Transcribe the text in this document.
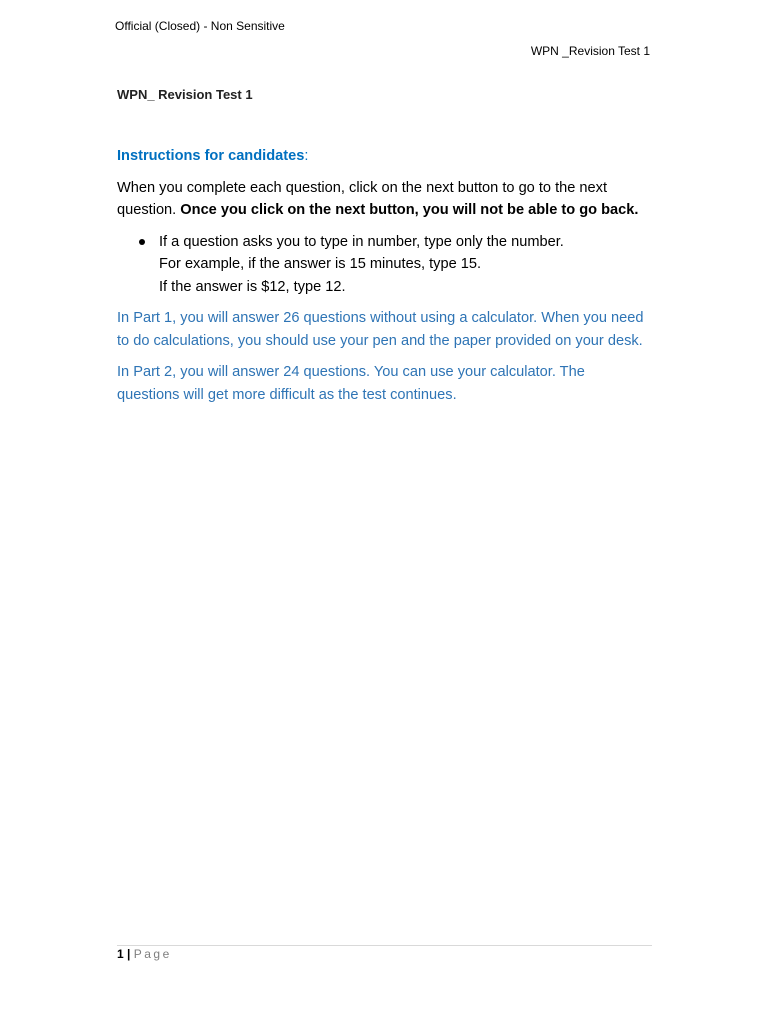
Official (Closed) - Non Sensitive
WPN _Revision Test 1
WPN_ Revision Test 1

Instructions for candidates:

When you complete each question, click on the next button to go to the next question. Once you click on the next button, you will not be able to go back.

If a question asks you to type in number, type only the number.
For example, if the answer is 15 minutes, type 15.
If the answer is $12, type 12.

In Part 1, you will answer 26 questions without using a calculator. When you need to do calculations, you should use your pen and the paper provided on your desk.

In Part 2, you will answer 24 questions. You can use your calculator. The questions will get more difficult as the test continues.

1 | Page
